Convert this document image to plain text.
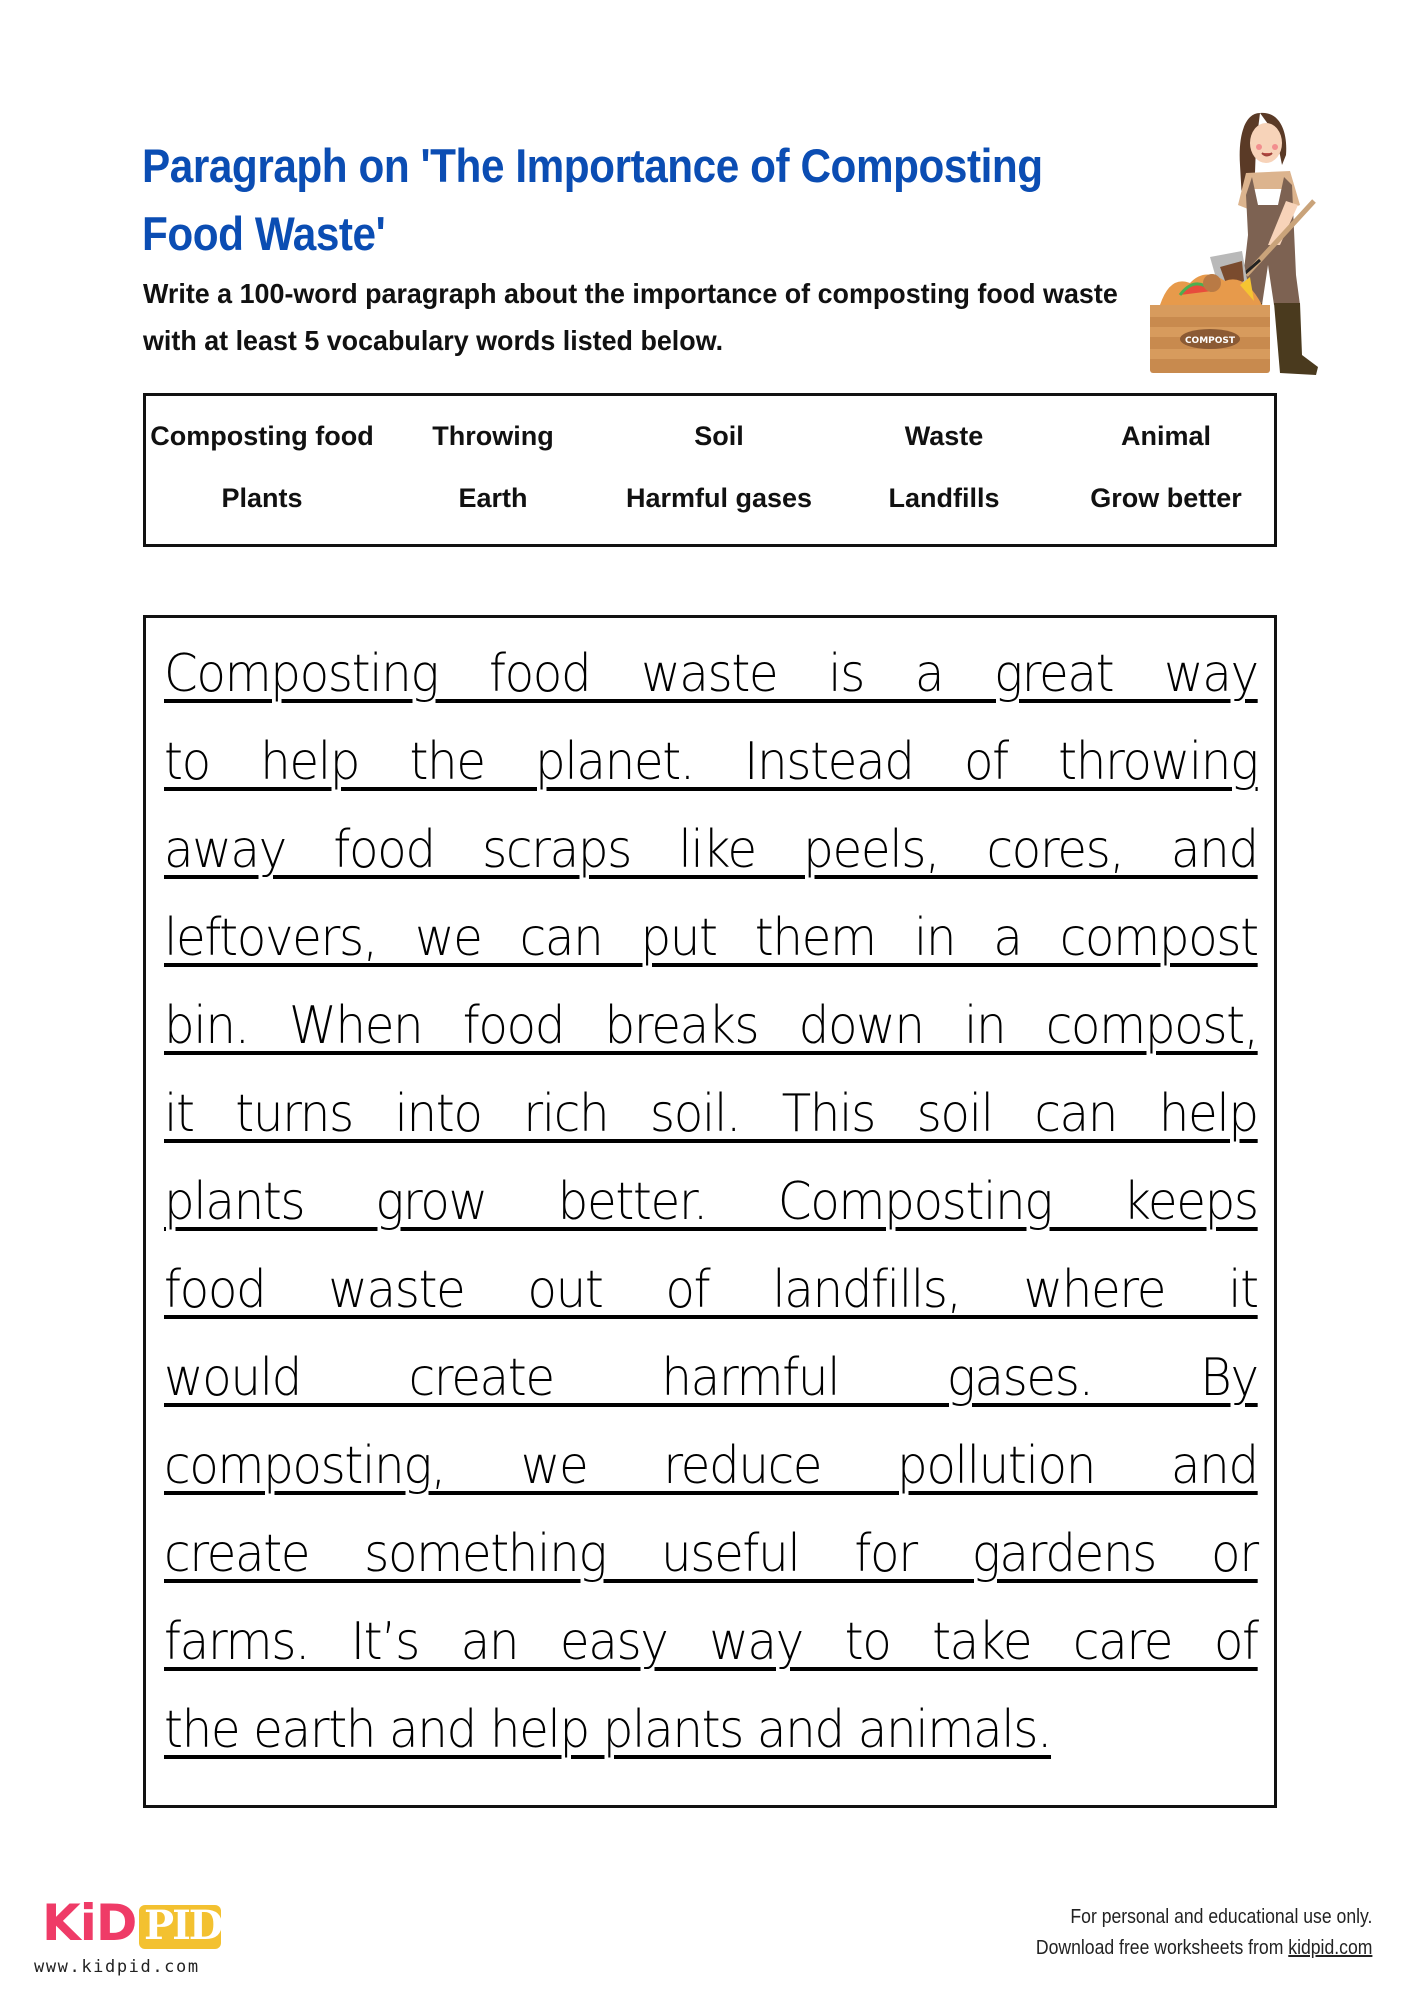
Paragraph on 'The Importance of Composting Food Waste'
Write a 100-word paragraph about the importance of composting food waste with at least 5 vocabulary words listed below.	COMPOST
Composting food	Throwing	Soil	Waste	Animal
Plants	Earth	Harmful gases	Landfills	Grow better
Composting food waste is a great way
to help the planet. Instead of throwing
away food scraps like peels, cores, and
leftovers, we can put them in a compost
bin. When food breaks down in compost,
it turns into rich soil. This soil can help
plants grow better. Composting keeps
food waste out of landfills, where it
would create harmful gases. By
composting, we reduce pollution and
create something useful for gardens or
farms. It’s an easy way to take care of
the earth and help plants and animals.
KiD PID
www.kidpid.com
For personal and educational use only.
Download free worksheets from kidpid.com
